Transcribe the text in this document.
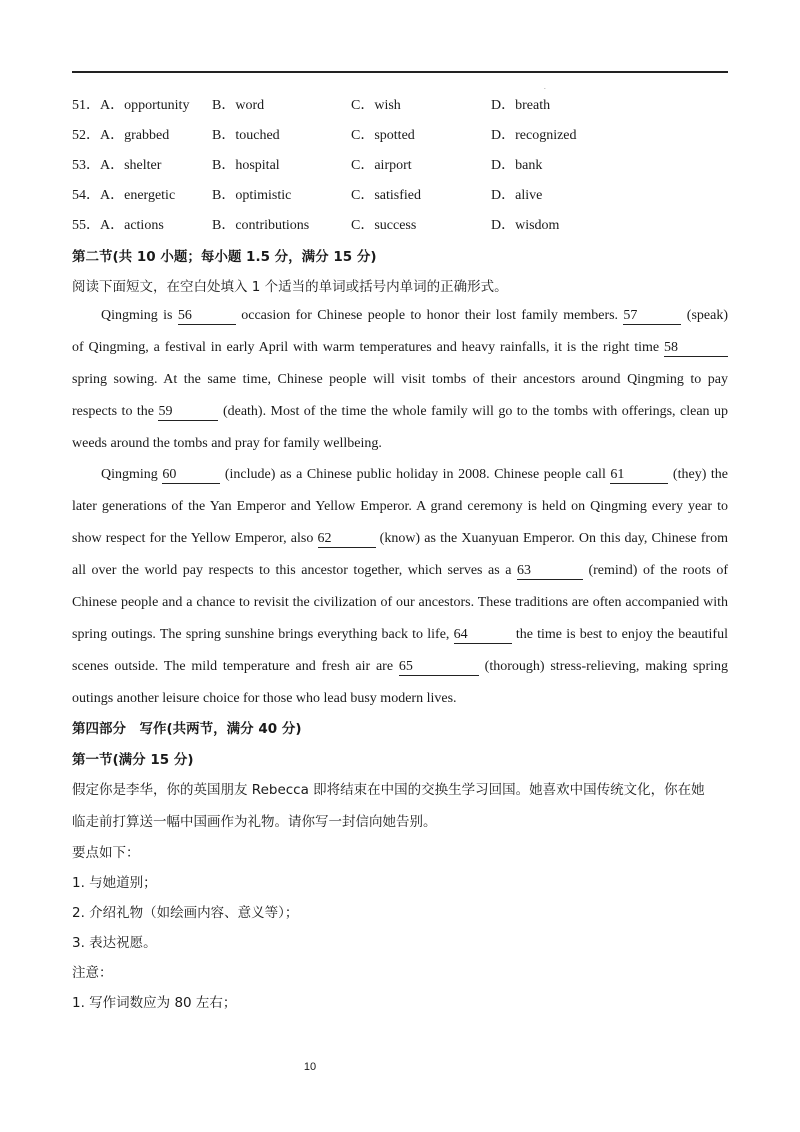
.
51． A．opportunity B．word	C．wish	D．breath
52． A．grabbed	B．touched	C．spotted	D．recognized
53． A．shelter	B．hospital	C．airport	D．bank
54． A．energetic	B．optimistic	C．satisfied	D．alive
55． A．actions	B．contributions	C．success	D．wisdom
第二节(共 10 小题；每小题 1.5 分，满分 15 分)
阅读下面短文，在空白处填入 1 个适当的单词或括号内单词的正确形式。
Qingming is 56	occasion for Chinese people to honor their lost family members. 57	(speak)
of Qingming, a festival in early April with warm temperatures and heavy rainfalls, it is the right time 58
spring sowing. At the same time, Chinese people will visit tombs of their ancestors around Qingming to pay
respects to the 59	(death). Most of the time the whole family will go to the tombs with offerings, clean up
weeds around the tombs and pray for family wellbeing.
Qingming 60	(include) as a Chinese public holiday in 2008. Chinese people call 61	(they) the
later generations of the Yan Emperor and Yellow Emperor. A grand ceremony is held on Qingming every year to
show respect for the Yellow Emperor, also 62	(know) as the Xuanyuan Emperor. On this day, Chinese from
all over the world pay respects to this ancestor together, which serves as a 63	(remind) of the roots of
Chinese people and a chance to revisit the civilization of our ancestors. These traditions are often accompanied with
spring outings. The spring sunshine brings everything back to life, 64	the time is best to enjoy the beautiful
scenes outside. The mild temperature and fresh air are 65	(thorough) stress-relieving, making spring
outings another leisure choice for those who lead busy modern lives.
第四部分　写作(共两节，满分 40 分)
第一节(满分 15 分)
假定你是李华，你的英国朋友 Rebecca 即将结束在中国的交换生学习回国。她喜欢中国传统文化，你在她
临走前打算送一幅中国画作为礼物。请你写一封信向她告别。
要点如下：
1. 与她道别；
2. 介绍礼物（如绘画内容、意义等）；
3. 表达祝愿。
注意：
1. 写作词数应为 80 左右；
10
